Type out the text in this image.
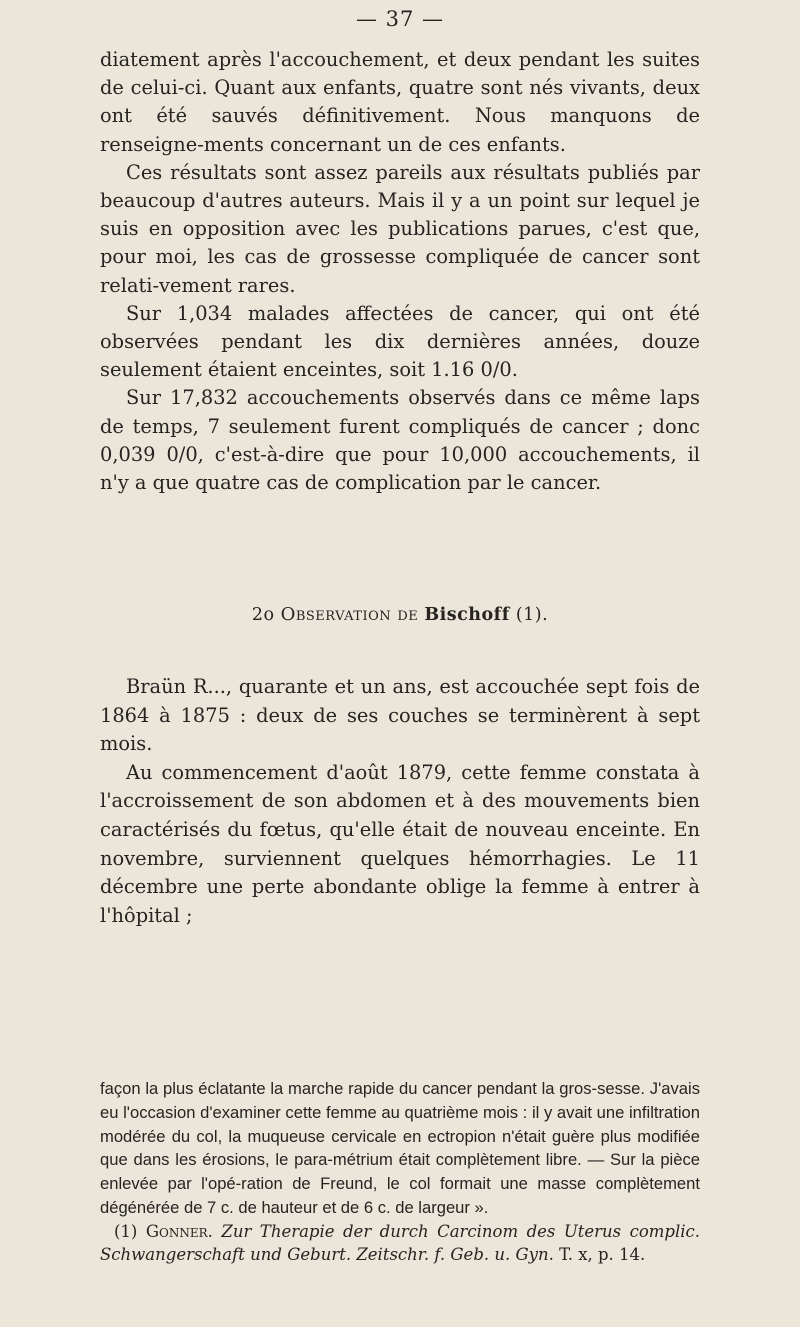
— 37 —

diatement après l'accouchement, et deux pendant les suites de celui-ci. Quant aux enfants, quatre sont nés vivants, deux ont été sauvés définitivement. Nous manquons de renseigne-ments concernant un de ces enfants.

Ces résultats sont assez pareils aux résultats publiés par beaucoup d'autres auteurs. Mais il y a un point sur lequel je suis en opposition avec les publications parues, c'est que, pour moi, les cas de grossesse compliquée de cancer sont relati-vement rares.

Sur 1,034 malades affectées de cancer, qui ont été observées pendant les dix dernières années, douze seulement étaient enceintes, soit 1.16 0/0.

Sur 17,832 accouchements observés dans ce même laps de temps, 7 seulement furent compliqués de cancer ; donc 0,039 0/0, c'est-à-dire que pour 10,000 accouchements, il n'y a que quatre cas de complication par le cancer.

2o Observation de Bischoff (1).

Braün R..., quarante et un ans, est accouchée sept fois de 1864 à 1875 : deux de ses couches se terminèrent à sept mois.

Au commencement d'août 1879, cette femme constata à l'accroissement de son abdomen et à des mouvements bien caractérisés du fœtus, qu'elle était de nouveau enceinte. En novembre, surviennent quelques hémorrhagies. Le 11 décembre une perte abondante oblige la femme à entrer à l'hôpital ;

façon la plus éclatante la marche rapide du cancer pendant la gros-sesse. J'avais eu l'occasion d'examiner cette femme au quatrième mois : il y avait une infiltration modérée du col, la muqueuse cervicale en ectropion n'était guère plus modifiée que dans les érosions, le para-métrium était complètement libre. — Sur la pièce enlevée par l'opé-ration de Freund, le col formait une masse complètement dégénérée de 7 c. de hauteur et de 6 c. de largeur ».

(1) Gonner. Zur Therapie der durch Carcinom des Uterus complic. Schwangerschaft und Geburt. Zeitschr. f. Geb. u. Gyn. T. x, p. 14.
